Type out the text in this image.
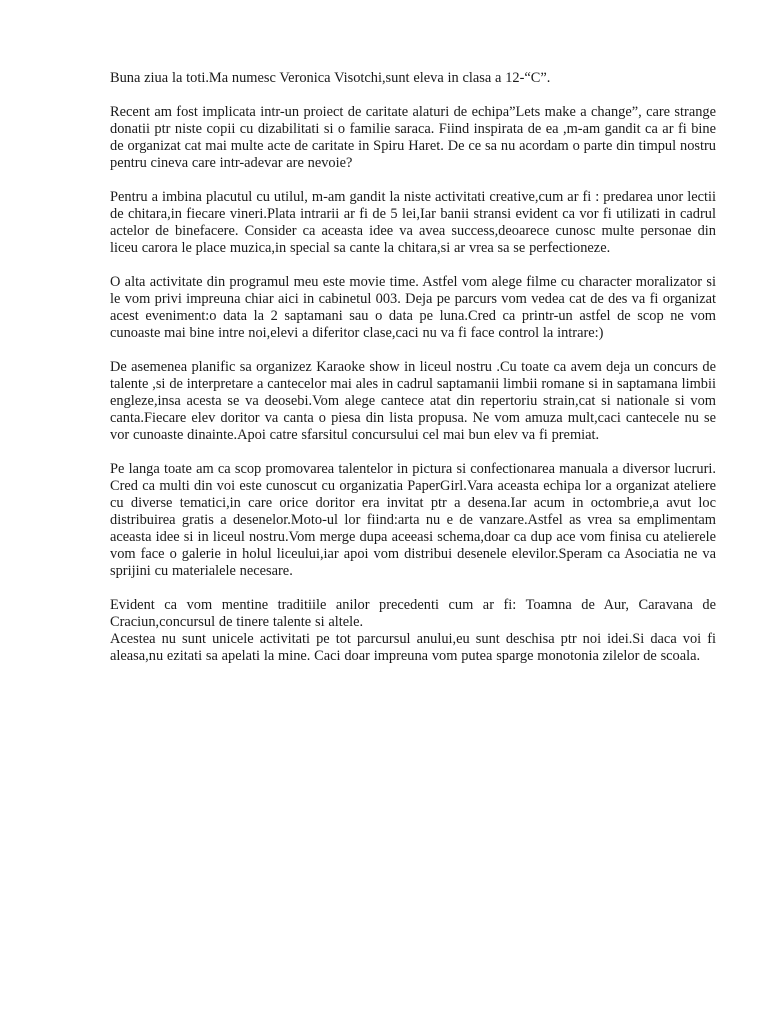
Buna ziua la toti.Ma numesc Veronica Visotchi,sunt eleva in clasa a 12-“C”.

Recent am fost implicata intr-un proiect de caritate alaturi de echipa”Lets make a change”, care strange donatii ptr niste copii cu dizabilitati si o familie saraca. Fiind inspirata de ea ,m-am gandit ca ar fi bine de organizat cat mai multe acte de caritate in Spiru Haret. De ce sa nu acordam o parte din timpul nostru pentru cineva care intr-adevar are nevoie?

Pentru a imbina placutul cu utilul, m-am gandit la niste activitati creative,cum ar fi : predarea unor lectii de chitara,in fiecare vineri.Plata intrarii ar fi de 5 lei,Iar banii stransi evident ca vor fi utilizati in cadrul actelor de binefacere. Consider ca aceasta idee va avea success,deoarece cunosc multe personae din liceu carora le place muzica,in special sa cante la chitara,si ar vrea sa se perfectioneze.

O alta activitate din programul meu este movie time. Astfel vom alege filme cu character moralizator si le vom privi impreuna chiar aici in cabinetul 003. Deja pe parcurs vom vedea cat de des va fi organizat acest eveniment:o data la 2 saptamani sau o data pe luna.Cred ca printr-un astfel de scop ne vom cunoaste mai bine intre noi,elevi a diferitor clase,caci nu va fi face control la intrare:)

De asemenea planific sa organizez Karaoke show in liceul nostru .Cu toate ca avem deja un concurs de talente ,si de interpretare a cantecelor mai ales in cadrul saptamanii limbii romane si in saptamana limbii engleze,insa acesta se va deosebi.Vom alege cantece atat din repertoriu strain,cat si nationale si vom canta.Fiecare elev doritor va canta o piesa din lista propusa. Ne vom amuza mult,caci cantecele nu se vor cunoaste dinainte.Apoi catre sfarsitul concursului cel mai bun elev va fi premiat.

Pe langa toate am ca scop promovarea talentelor in pictura si confectionarea manuala a diversor lucruri. Cred ca multi din voi este cunoscut cu organizatia PaperGirl.Vara aceasta echipa lor a organizat ateliere cu diverse tematici,in care orice doritor era invitat ptr a desena.Iar acum in octombrie,a avut loc distribuirea gratis a desenelor.Moto-ul lor fiind:arta nu e de vanzare.Astfel as vrea sa emplimentam aceasta idee si in liceul nostru.Vom merge dupa aceeasi schema,doar ca dup ace vom finisa cu atelierele vom face o galerie in holul liceului,iar apoi vom distribui desenele elevilor.Speram ca Asociatia ne va sprijini cu materialele necesare.

Evident ca vom mentine traditiile anilor precedenti cum ar fi: Toamna de Aur, Caravana de Craciun,concursul de tinere talente si altele.

Acestea nu sunt unicele activitati pe tot parcursul anului,eu sunt deschisa ptr noi idei.Si daca voi fi aleasa,nu ezitati sa apelati la mine. Caci doar impreuna vom putea sparge monotonia zilelor de scoala.
